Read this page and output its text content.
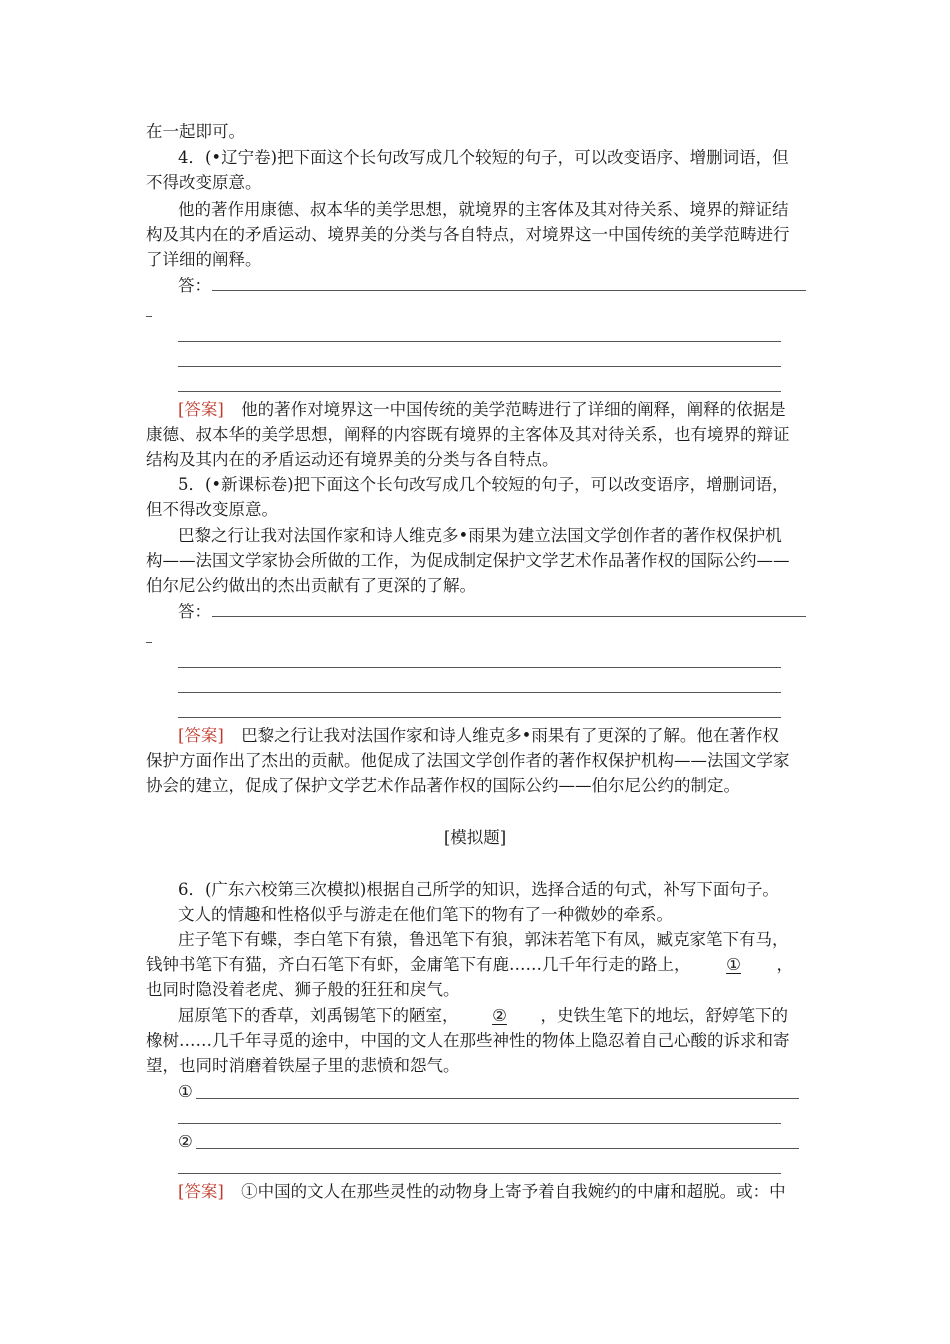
在一起即可。
4．(•辽宁卷)把下面这个长句改写成几个较短的句子，可以改变语序、增删词语，但
不得改变原意。
他的著作用康德、叔本华的美学思想，就境界的主客体及其对待关系、境界的辩证结
构及其内在的矛盾运动、境界美的分类与各自特点，对境界这一中国传统的美学范畴进行
了详细的阐释。
答：
[答案] 他的著作对境界这一中国传统的美学范畴进行了详细的阐释，阐释的依据是
康德、叔本华的美学思想，阐释的内容既有境界的主客体及其对待关系，也有境界的辩证
结构及其内在的矛盾运动还有境界美的分类与各自特点。
5．(•新课标卷)把下面这个长句改写成几个较短的句子，可以改变语序，增删词语，
但不得改变原意。
巴黎之行让我对法国作家和诗人维克多•雨果为建立法国文学创作者的著作权保护机
构——法国文学家协会所做的工作，为促成制定保护文学艺术作品著作权的国际公约——
伯尔尼公约做出的杰出贡献有了更深的了解。
答：
[答案] 巴黎之行让我对法国作家和诗人维克多•雨果有了更深的了解。他在著作权
保护方面作出了杰出的贡献。他促成了法国文学创作者的著作权保护机构——法国文学家
协会的建立，促成了保护文学艺术作品著作权的国际公约——伯尔尼公约的制定。
[模拟题]
6．(广东六校第三次模拟)根据自己所学的知识，选择合适的句式，补写下面句子。
文人的情趣和性格似乎与游走在他们笔下的物有了一种微妙的牵系。
庄子笔下有蝶，李白笔下有猿，鲁迅笔下有狼，郭沫若笔下有凤，臧克家笔下有马，
钱钟书笔下有猫，齐白石笔下有虾，金庸笔下有鹿……几千年行走的路上， ① ，
也同时隐没着老虎、狮子般的狂狂和戾气。
屈原笔下的香草，刘禹锡笔下的陋室， ② ，史铁生笔下的地坛，舒婷笔下的
橡树……几千年寻觅的途中，中国的文人在那些神性的物体上隐忍着自己心酸的诉求和寄
望，也同时消磨着铁屋子里的悲愤和怨气。
①
②
[答案] ①中国的文人在那些灵性的动物身上寄予着自我婉约的中庸和超脱。或：中
